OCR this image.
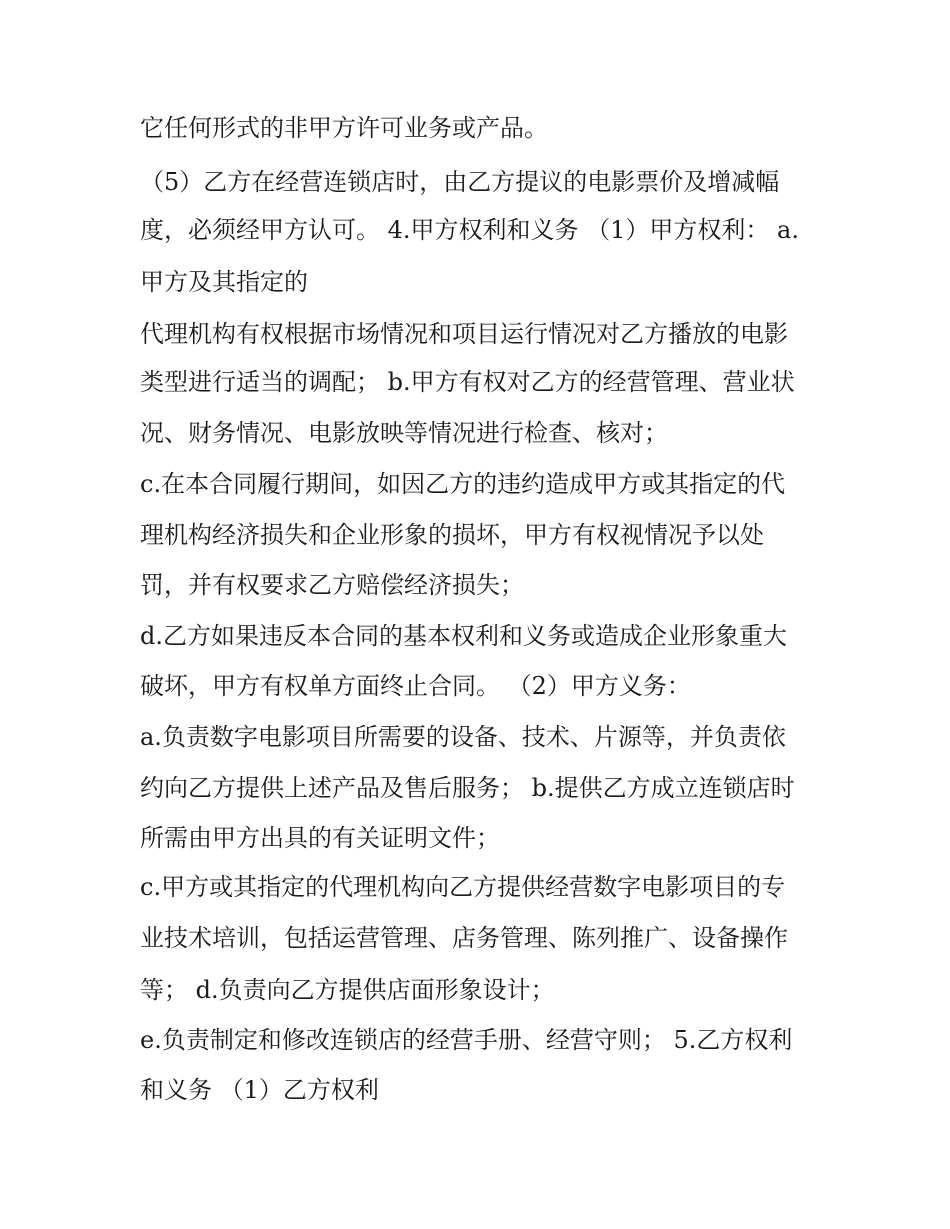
它任何形式的非甲方许可业务或产品。
（5）乙方在经营连锁店时，由乙方提议的电影票价及增减幅
度，必须经甲方认可。 4.甲方权利和义务 （1）甲方权利： a.
甲方及其指定的
代理机构有权根据市场情况和项目运行情况对乙方播放的电影
类型进行适当的调配； b.甲方有权对乙方的经营管理、营业状
况、财务情况、电影放映等情况进行检查、核对；
c.在本合同履行期间，如因乙方的违约造成甲方或其指定的代
理机构经济损失和企业形象的损坏，甲方有权视情况予以处
罚，并有权要求乙方赔偿经济损失；
d.乙方如果违反本合同的基本权利和义务或造成企业形象重大
破坏，甲方有权单方面终止合同。 （2）甲方义务：
a.负责数字电影项目所需要的设备、技术、片源等，并负责依
约向乙方提供上述产品及售后服务； b.提供乙方成立连锁店时
所需由甲方出具的有关证明文件；
c.甲方或其指定的代理机构向乙方提供经营数字电影项目的专
业技术培训，包括运营管理、店务管理、陈列推广、设备操作
等； d.负责向乙方提供店面形象设计；
e.负责制定和修改连锁店的经营手册、经营守则； 5.乙方权利
和义务 （1）乙方权利
